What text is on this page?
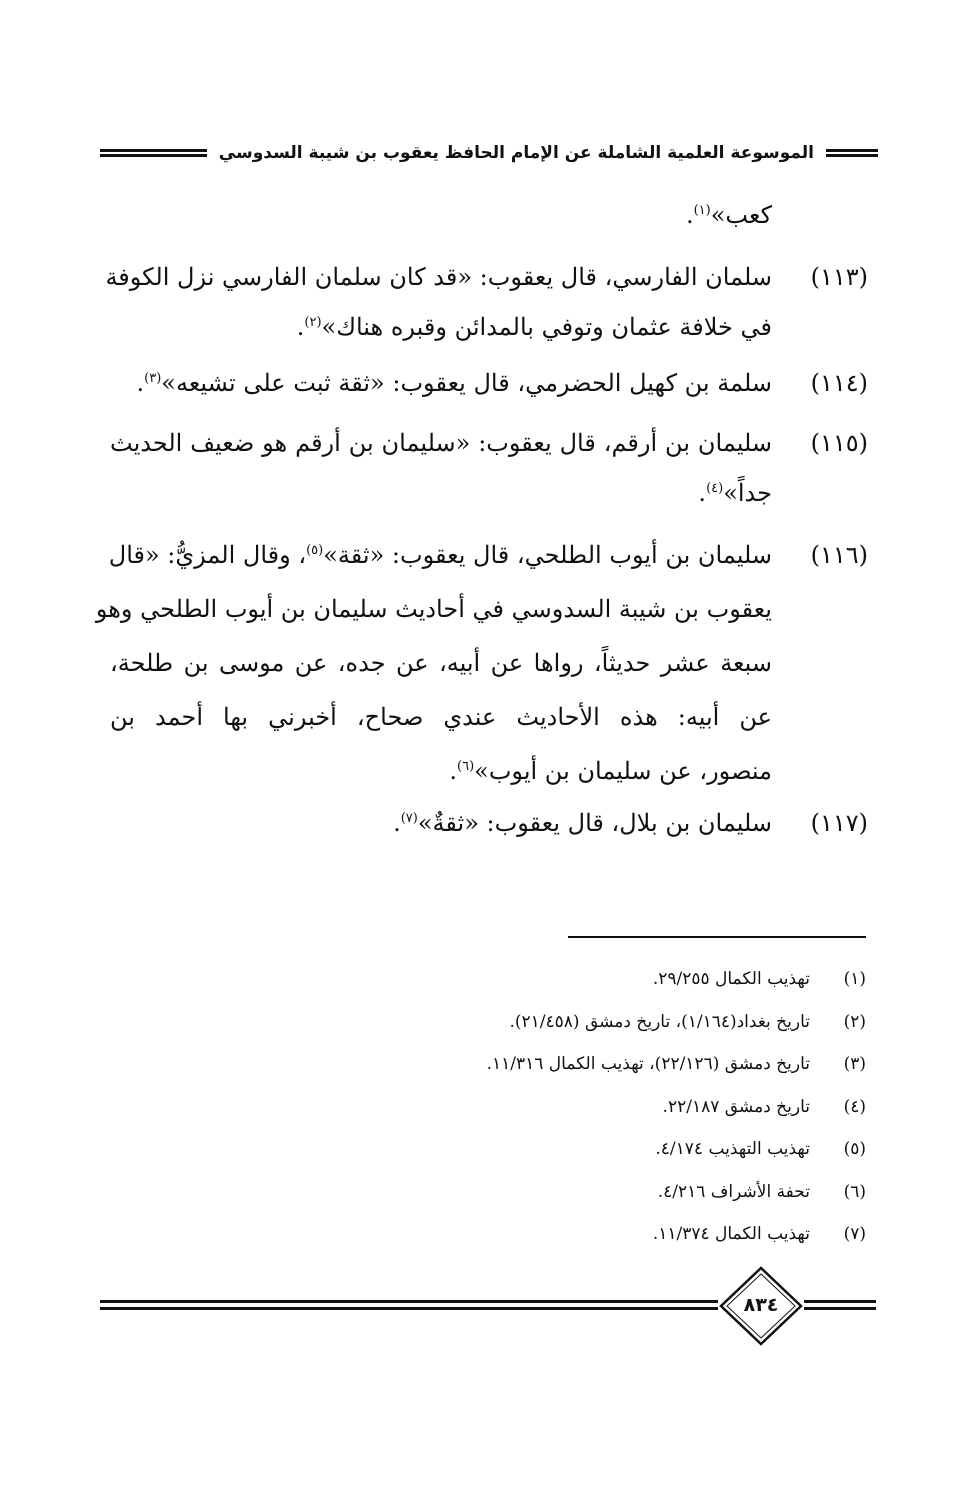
الموسوعة العلمية الشاملة عن الإمام الحافظ يعقوب بن شيبة السدوسي
كعب»$^{(١)}$.
(١١٣)
سلمان الفارسي، قال يعقوب: «قد كان سلمان الفارسي نزل الكوفة
في خلافة عثمان وتوفي بالمدائن وقبره هناك»$^{(٢)}$.
(١١٤)
سلمة بن كهيل الحضرمي، قال يعقوب: «ثقة ثبت على تشيعه»$^{(٣)}$.
(١١٥)
سليمان بن أرقم، قال يعقوب: «سليمان بن أرقم هو ضعيف الحديث
جداً»$^{(٤)}$.
(١١٦)
سليمان بن أيوب الطلحي، قال يعقوب: «ثقة»$^{(٥)}$، وقال المزيُّ: «قال
يعقوب بن شيبة السدوسي في أحاديث سليمان بن أيوب الطلحي وهو
سبعة عشر حديثاً، رواها عن أبيه، عن جده، عن موسى بن طلحة،
عن أبيه: هذه الأحاديث عندي صحاح، أخبرني بها أحمد بن
منصور، عن سليمان بن أيوب»$^{(٦)}$.
(١١٧)
سليمان بن بلال، قال يعقوب: «ثقةٌ»$^{(٧)}$.
(١)
تهذيب الكمال ٢٩/٢٥٥.
(٢)
تاريخ بغداد(١/١٦٤)، تاريخ دمشق (٢١/٤٥٨).
(٣)
تاريخ دمشق (٢٢/١٢٦)، تهذيب الكمال ١١/٣١٦.
(٤)
تاريخ دمشق ٢٢/١٨٧.
(٥)
تهذيب التهذيب ٤/١٧٤.
(٦)
تحفة الأشراف ٤/٢١٦.
(٧)
تهذيب الكمال ١١/٣٧٤.
٨٣٤
